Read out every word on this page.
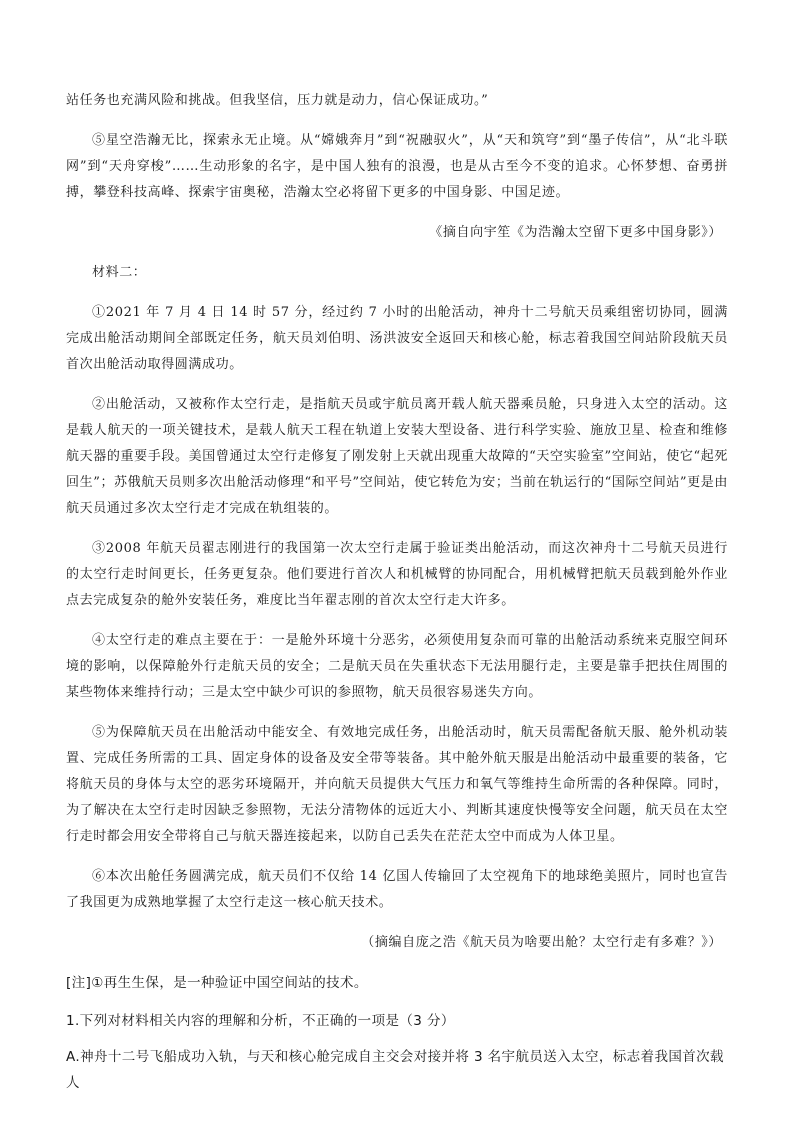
站任务也充满风险和挑战。但我坚信，压力就是动力，信心保证成功。”

⑤星空浩瀚无比，探索永无止境。从“嫦娥奔月”到“祝融驭火”，从“天和筑穹”到“墨子传信”，从“北斗联网”到“天舟穿梭”……生动形象的名字，是中国人独有的浪漫，也是从古至今不变的追求。心怀梦想、奋勇拼搏，攀登科技高峰、探索宇宙奥秘，浩瀚太空必将留下更多的中国身影、中国足迹。

《摘自向宇笙《为浩瀚太空留下更多中国身影》）

材料二：

①2021 年 7 月 4 日 14 时 57 分，经过约 7 小时的出舱活动，神舟十二号航天员乘组密切协同，圆满完成出舱活动期间全部既定任务，航天员刘伯明、汤洪波安全返回天和核心舱，标志着我国空间站阶段航天员首次出舱活动取得圆满成功。

②出舱活动，又被称作太空行走，是指航天员或宇航员离开载人航天器乘员舱，只身进入太空的活动。这是载人航天的一项关键技术，是载人航天工程在轨道上安装大型设备、进行科学实验、施放卫星、检查和维修航天器的重要手段。美国曾通过太空行走修复了刚发射上天就出现重大故障的“天空实验室”空间站，使它“起死回生”；苏俄航天员则多次出舱活动修理“和平号”空间站，使它转危为安；当前在轨运行的“国际空间站”更是由航天员通过多次太空行走才完成在轨组装的。

③2008 年航天员翟志刚进行的我国第一次太空行走属于验证类出舱活动，而这次神舟十二号航天员进行的太空行走时间更长，任务更复杂。他们要进行首次人和机械臂的协同配合，用机械臂把航天员载到舱外作业点去完成复杂的舱外安装任务，难度比当年翟志刚的首次太空行走大许多。

④太空行走的难点主要在于：一是舱外环境十分恶劣，必须使用复杂而可靠的出舱活动系统来克服空间环境的影响，以保障舱外行走航天员的安全；二是航天员在失重状态下无法用腿行走，主要是靠手把扶住周围的某些物体来维持行动；三是太空中缺少可识的参照物，航天员很容易迷失方向。

⑤为保障航天员在出舱活动中能安全、有效地完成任务，出舱活动时，航天员需配备航天服、舱外机动装置、完成任务所需的工具、固定身体的设备及安全带等装备。其中舱外航天服是出舱活动中最重要的装备，它将航天员的身体与太空的恶劣环境隔开，并向航天员提供大气压力和氧气等维持生命所需的各种保障。同时，为了解决在太空行走时因缺乏参照物，无法分清物体的远近大小、判断其速度快慢等安全问题，航天员在太空行走时都会用安全带将自己与航天器连接起来，以防自己丢失在茫茫太空中而成为人体卫星。

⑥本次出舱任务圆满完成，航天员们不仅给 14 亿国人传输回了太空视角下的地球绝美照片，同时也宣告了我国更为成熟地掌握了太空行走这一核心航天技术。

（摘编自庞之浩《航天员为啥要出舱？太空行走有多难？》）

[注]①再生生保，是一种验证中国空间站的技术。

1.下列对材料相关内容的理解和分析，不正确的一项是（3 分）

A.神舟十二号飞船成功入轨，与天和核心舱完成自主交会对接并将 3 名宇航员送入太空，标志着我国首次载人
